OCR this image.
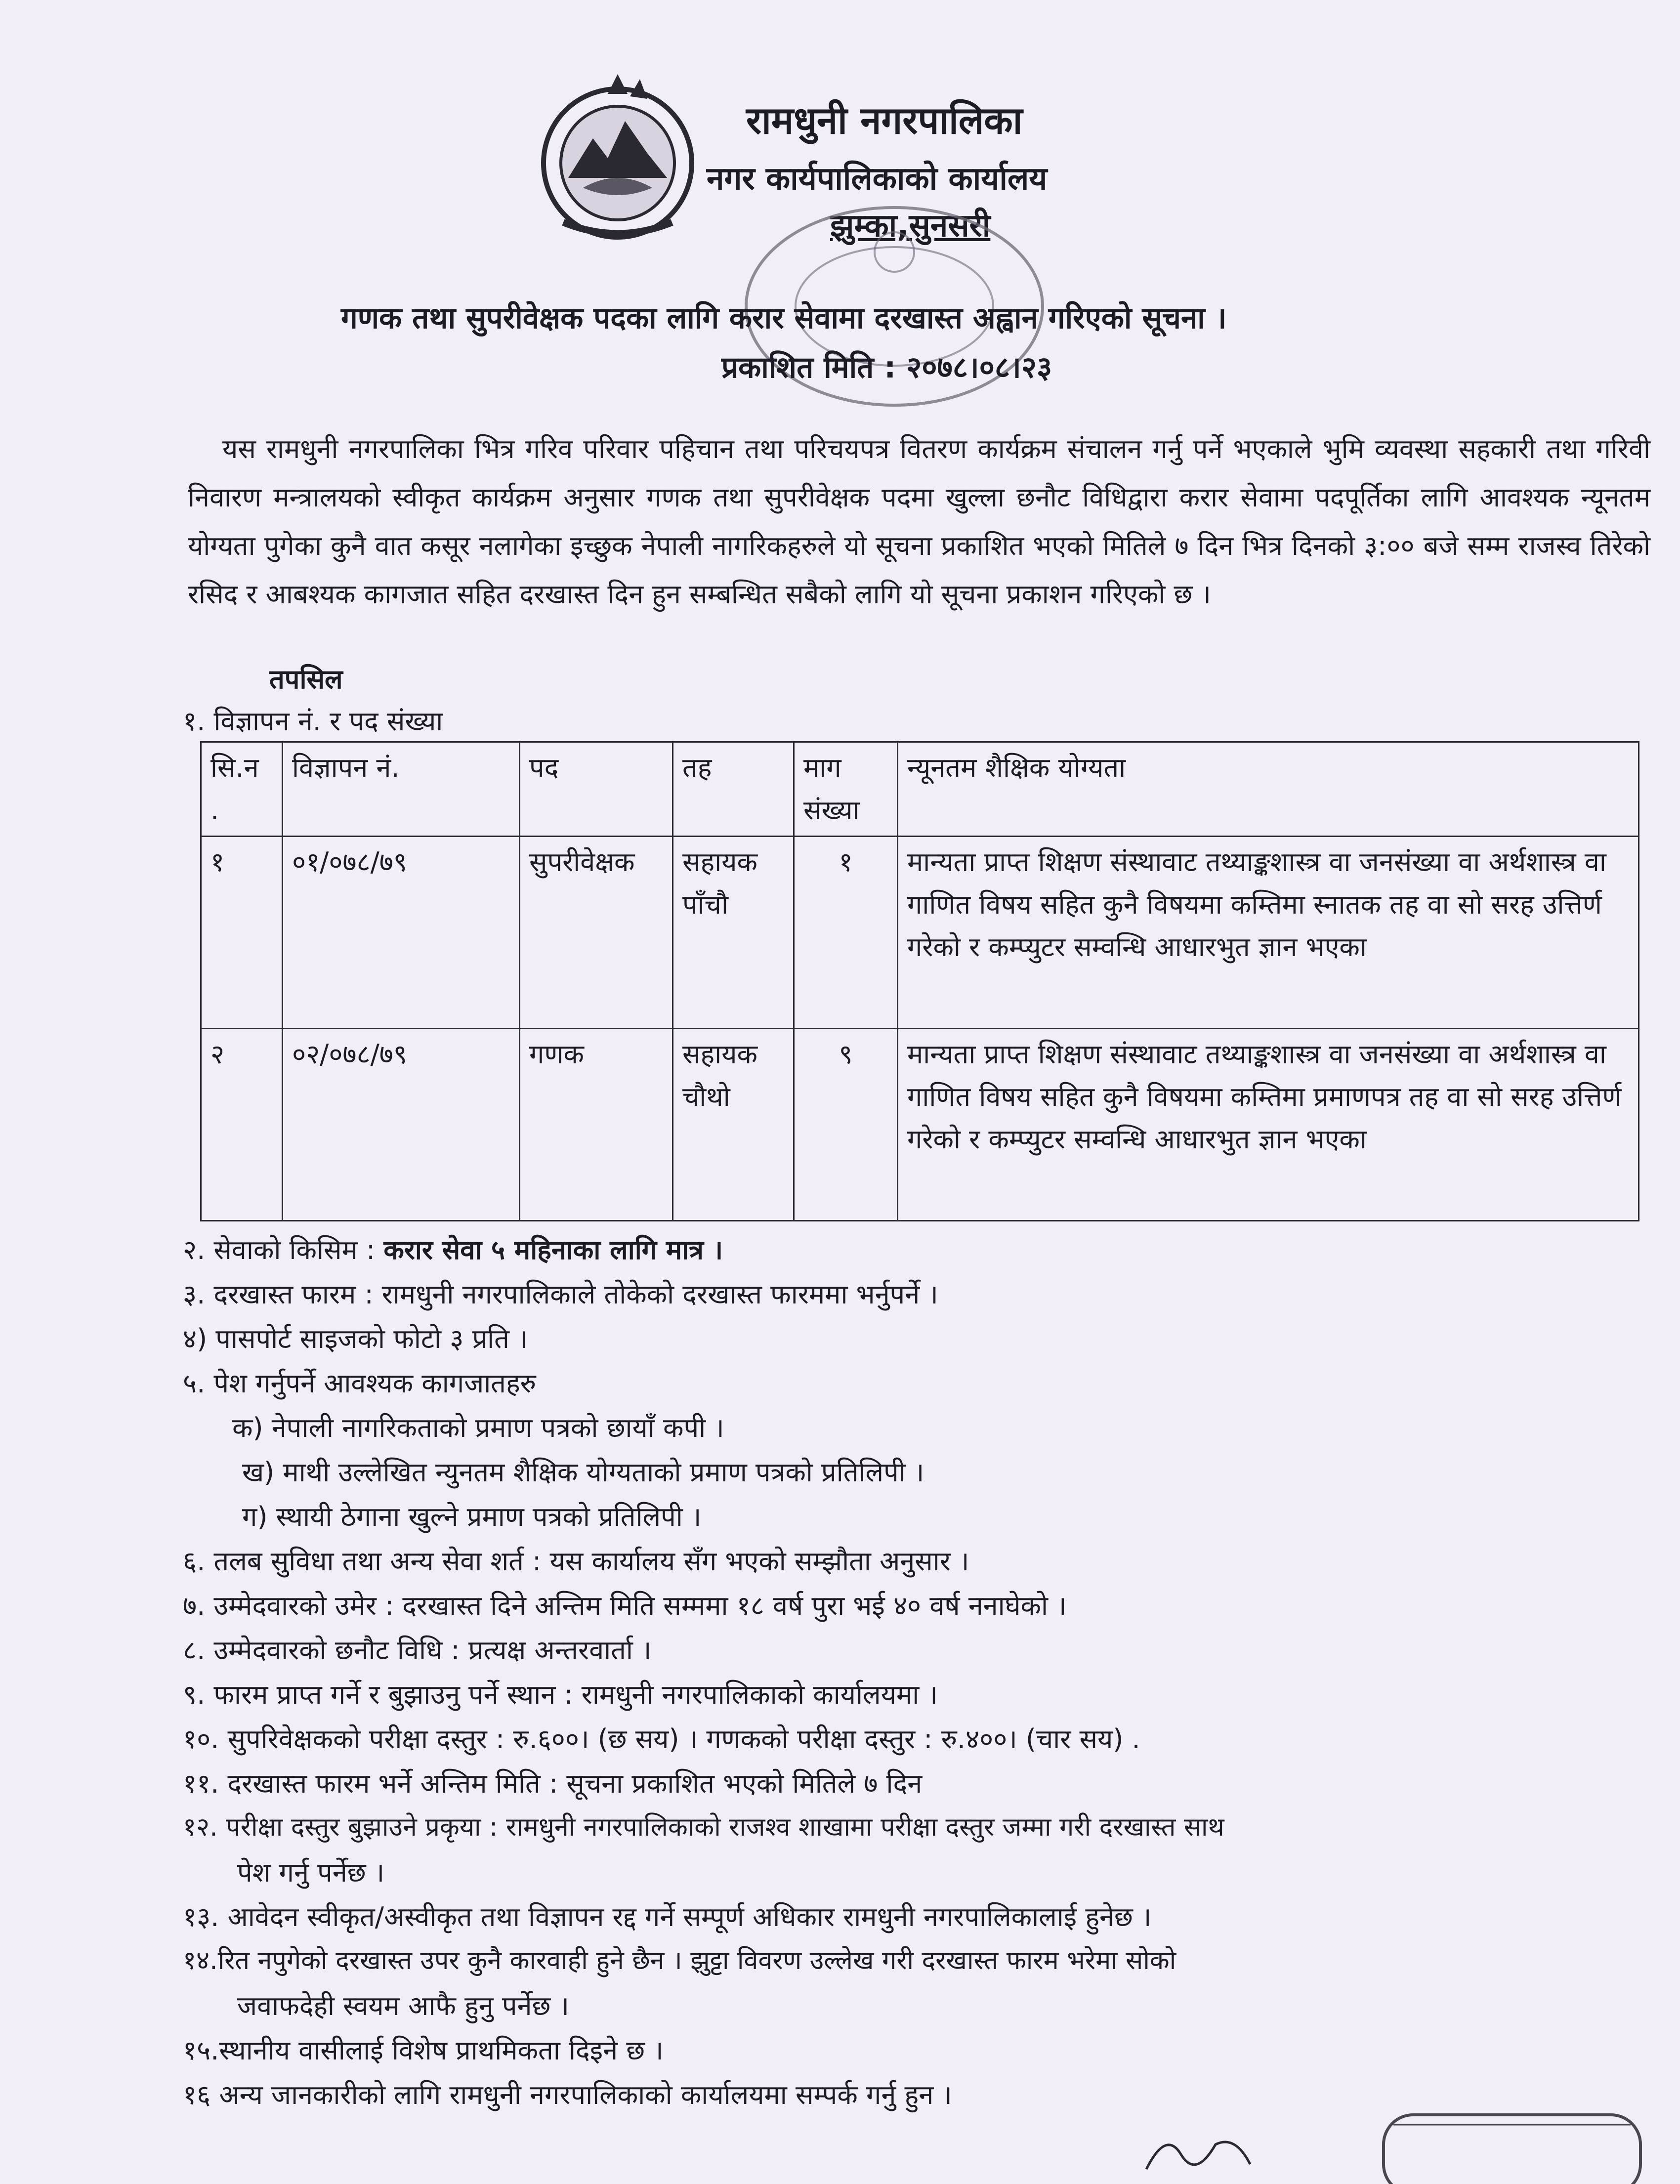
रामधुनी नगरपालिका
नगर कार्यपालिकाको कार्यालय
झुम्का,सुनसरी
गणक तथा सुपरीवेक्षक पदका लागि करार सेवामा दरखास्त अह्वान गरिएको सूचना ।
प्रकाशित मिति : २०७८।०८।२३
यस रामधुनी नगरपालिका भित्र गरिव परिवार पहिचान तथा परिचयपत्र वितरण कार्यक्रम संचालन गर्नु पर्ने भएकाले भुमि व्यवस्था सहकारी तथा गरिवी निवारण मन्त्रालयको स्वीकृत कार्यक्रम अनुसार गणक तथा सुपरीवेक्षक पदमा खुल्ला छनौट विधिद्वारा करार सेवामा पदपूर्तिका लागि आवश्यक न्यूनतम योग्यता पुगेका कुनै वात कसूर नलागेका इच्छुक नेपाली नागरिकहरुले यो सूचना प्रकाशित भएको मितिले ७ दिन भित्र दिनको ३:०० बजे सम्म राजस्व तिरेको रसिद र आबश्यक कागजात सहित दरखास्त दिन हुन सम्बन्धित सबैको लागि यो सूचना प्रकाशन गरिएको छ ।
तपसिल
१. विज्ञापन नं. र पद संख्या
सि.न .	विज्ञापन नं.	पद	तह	माग संख्या	न्यूनतम शैक्षिक योग्यता
१	०१/०७८/७९	सुपरीवेक्षक	सहायक पाँचौ	१	मान्यता प्राप्त शिक्षण संस्थावाट तथ्याङ्कशास्त्र वा जनसंख्या वा अर्थशास्त्र वा गाणित विषय सहित कुनै विषयमा कम्तिमा स्नातक तह वा सो सरह उत्तिर्ण गरेको र कम्प्युटर सम्वन्धि आधारभुत ज्ञान भएका
२	०२/०७८/७९	गणक	सहायक चौथो	९	मान्यता प्राप्त शिक्षण संस्थावाट तथ्याङ्कशास्त्र वा जनसंख्या वा अर्थशास्त्र वा गाणित विषय सहित कुनै विषयमा कम्तिमा प्रमाणपत्र तह वा सो सरह उत्तिर्ण गरेको र कम्प्युटर सम्वन्धि आधारभुत ज्ञान भएका
२. सेवाको किसिम : करार सेवा ५ महिनाका लागि मात्र ।
३. दरखास्त फारम : रामधुनी नगरपालिकाले तोकेको दरखास्त फारममा भर्नुपर्ने ।
४) पासपोर्ट साइजको फोटो ३ प्रति ।
५. पेश गर्नुपर्ने आवश्यक कागजातहरु
क) नेपाली नागरिकताको प्रमाण पत्रको छायाँ कपी ।
ख) माथी उल्लेखित न्युनतम शैक्षिक योग्यताको प्रमाण पत्रको प्रतिलिपी ।
ग) स्थायी ठेगाना खुल्ने प्रमाण पत्रको प्रतिलिपी ।
६. तलब सुविधा तथा अन्य सेवा शर्त : यस कार्यालय सँग भएको सम्झौता अनुसार ।
७. उम्मेदवारको उमेर : दरखास्त दिने अन्तिम मिति सम्ममा १८ वर्ष पुरा भई ४० वर्ष ननाघेको ।
८. उम्मेदवारको छनौट विधि : प्रत्यक्ष अन्तरवार्ता ।
९. फारम प्राप्त गर्ने र बुझाउनु पर्ने स्थान : रामधुनी नगरपालिकाको कार्यालयमा ।
१०. सुपरिवेक्षकको परीक्षा दस्तुर : रु.६००। (छ सय) । गणकको परीक्षा दस्तुर : रु.४००। (चार सय) .
११. दरखास्त फारम भर्ने अन्तिम मिति : सूचना प्रकाशित भएको मितिले ७ दिन
१२. परीक्षा दस्तुर बुझाउने प्रकृया : रामधुनी नगरपालिकाको राजश्व शाखामा परीक्षा दस्तुर जम्मा गरी दरखास्त साथ
पेश गर्नु पर्नेछ ।
१३. आवेदन स्वीकृत/अस्वीकृत तथा विज्ञापन रद्द गर्ने सम्पूर्ण अधिकार रामधुनी नगरपालिकालाई हुनेछ ।
१४.रित नपुगेको दरखास्त उपर कुनै कारवाही हुने छैन । झुट्टा विवरण उल्लेख गरी दरखास्त फारम भरेमा सोको
जवाफदेही स्वयम आफै हुनु पर्नेछ ।
१५.स्थानीय वासीलाई विशेष प्राथमिकता दिइने छ ।
१६ अन्य जानकारीको लागि रामधुनी नगरपालिकाको कार्यालयमा सम्पर्क गर्नु हुन ।
